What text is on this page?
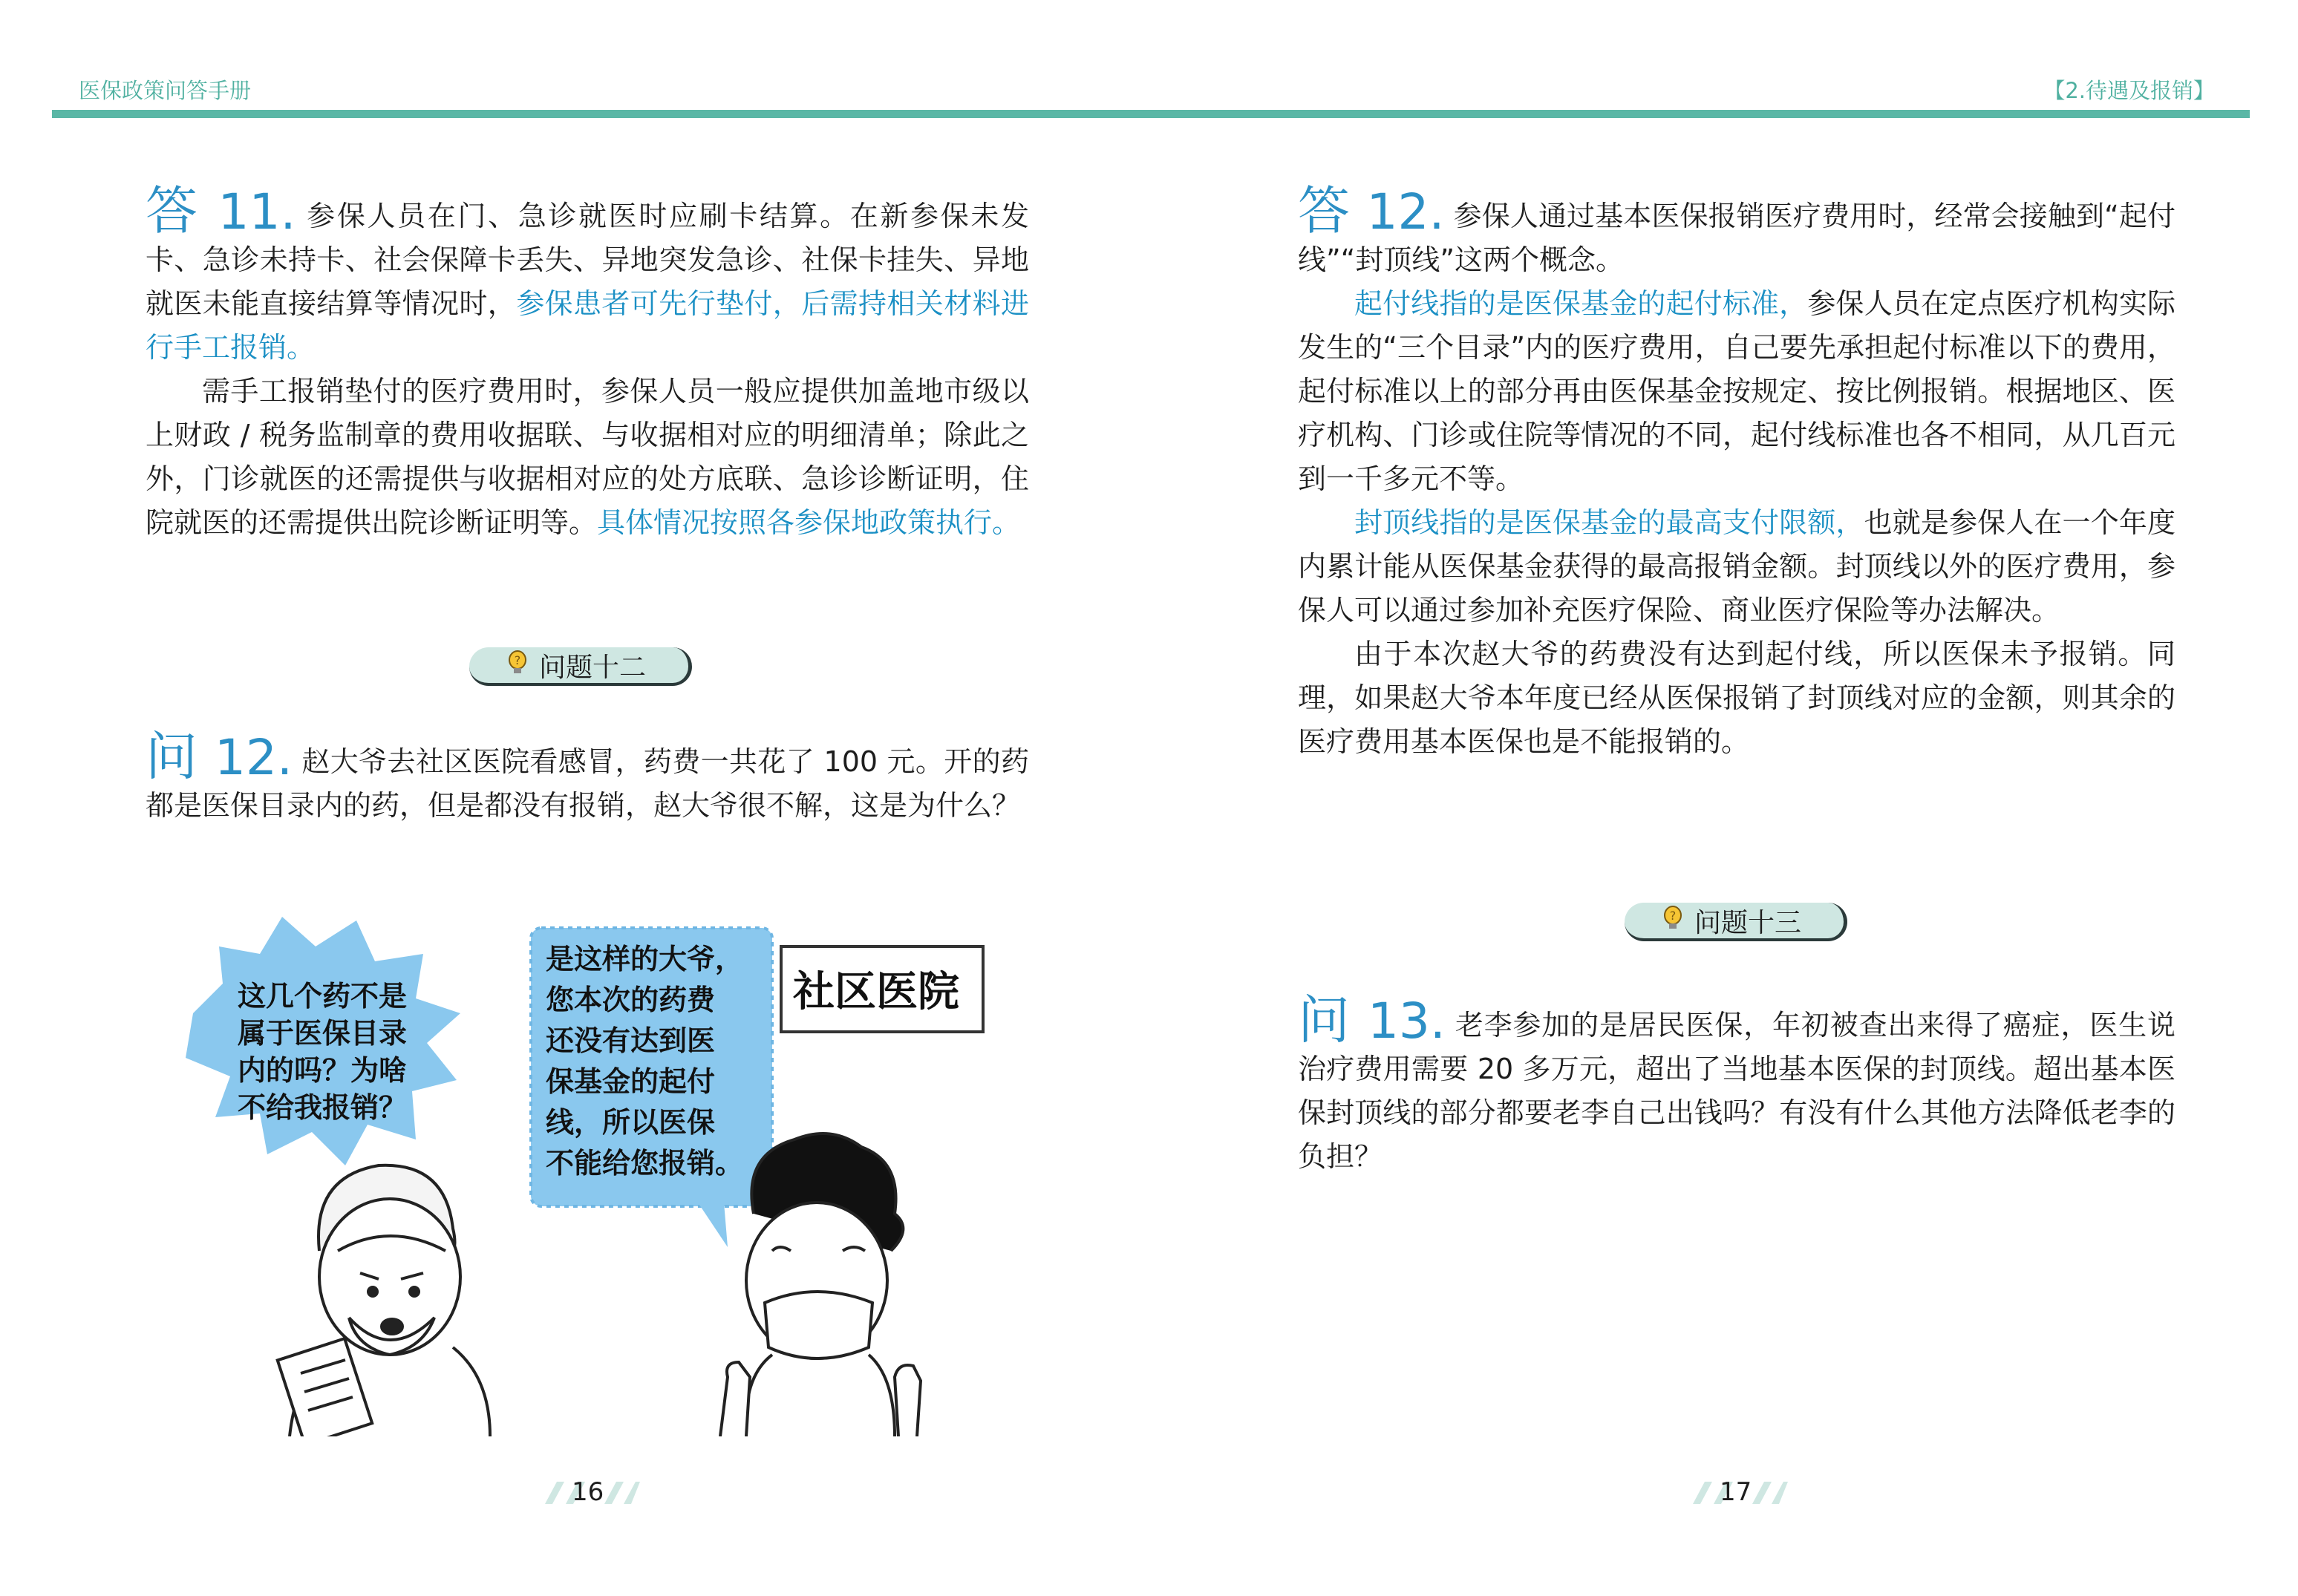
医保政策问答手册	【2.待遇及报销】

答 11. 参保人员在门、急诊就医时应刷卡结算。在新参保未发卡、急诊未持卡、社会保障卡丢失、异地突发急诊、社保卡挂失、异地就医未能直接结算等情况时，参保患者可先行垫付，后需持相关材料进行手工报销。

需手工报销垫付的医疗费用时，参保人员一般应提供加盖地市级以上财政 / 税务监制章的费用收据联、与收据相对应的明细清单；除此之外，门诊就医的还需提供与收据相对应的处方底联、急诊诊断证明，住院就医的还需提供出院诊断证明等。具体情况按照各参保地政策执行。

问题十二
?

问 12. 赵大爷去社区医院看感冒，药费一共花了 100 元。开的药都是医保目录内的药，但是都没有报销，赵大爷很不解，这是为什么？

这几个药不是
属于医保目录
内的吗？为啥
不给我报销？
是这样的大爷，
您本次的药费
还没有达到医
保基金的起付
线，所以医保
不能给您报销。
社区医院
16

答 12. 参保人通过基本医保报销医疗费用时，经常会接触到“起付线”“封顶线”这两个概念。

起付线指的是医保基金的起付标准，参保人员在定点医疗机构实际发生的“三个目录”内的医疗费用，自己要先承担起付标准以下的费用，起付标准以上的部分再由医保基金按规定、按比例报销。根据地区、医疗机构、门诊或住院等情况的不同，起付线标准也各不相同，从几百元到一千多元不等。

封顶线指的是医保基金的最高支付限额，也就是参保人在一个年度内累计能从医保基金获得的最高报销金额。封顶线以外的医疗费用，参保人可以通过参加补充医疗保险、商业医疗保险等办法解决。

由于本次赵大爷的药费没有达到起付线，所以医保未予报销。同理，如果赵大爷本年度已经从医保报销了封顶线对应的金额，则其余的医疗费用基本医保也是不能报销的。

问题十三
?

问 13. 老李参加的是居民医保，年初被查出来得了癌症，医生说治疗费用需要 20 多万元，超出了当地基本医保的封顶线。超出基本医保封顶线的部分都要老李自己出钱吗？有没有什么其他方法降低老李的负担？

17
